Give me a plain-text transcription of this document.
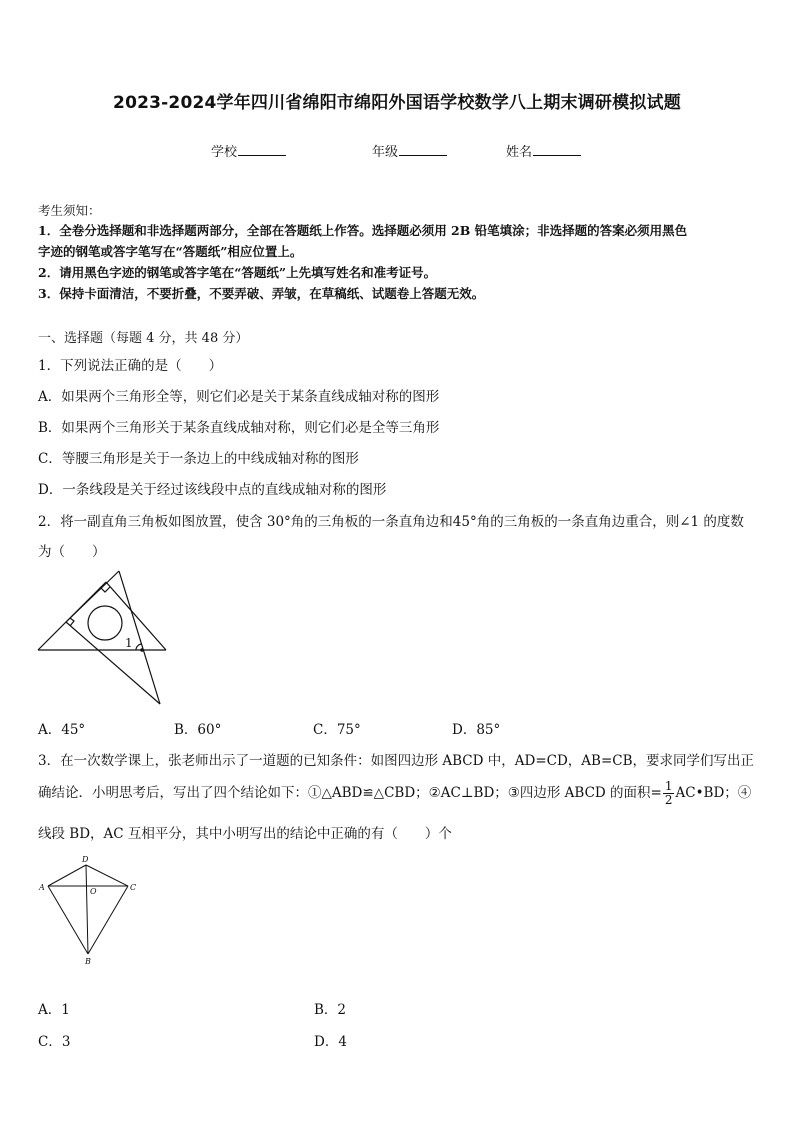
2023-2024学年四川省绵阳市绵阳外国语学校数学八上期末调研模拟试题
学校	年级	姓名
考生须知：
1．全卷分选择题和非选择题两部分，全部在答题纸上作答。选择题必须用 2B 铅笔填涂；非选择题的答案必须用黑色
字迹的钢笔或答字笔写在“答题纸”相应位置上。
2．请用黑色字迹的钢笔或答字笔在“答题纸”上先填写姓名和准考证号。
3．保持卡面清洁，不要折叠，不要弄破、弄皱，在草稿纸、试题卷上答题无效。
一、选择题（每题 4 分，共 48 分）
1．下列说法正确的是（　　）
A．如果两个三角形全等，则它们必是关于某条直线成轴对称的图形
B．如果两个三角形关于某条直线成轴对称，则它们必是全等三角形
C．等腰三角形是关于一条边上的中线成轴对称的图形
D．一条线段是关于经过该线段中点的直线成轴对称的图形
2．将一副直角三角板如图放置，使含 30°角的三角板的一条直角边和45°角的三角板的一条直角边重合，则∠1 的度数
为（　　）
1
A．45°	B．60°	C．75°	D．85°
3．在一次数学课上，张老师出示了一道题的已知条件：如图四边形 ABCD 中，AD=CD，AB=CB，要求同学们写出正
确结论．小明思考后，写出了四个结论如下：①△ABD≌△CBD；②AC⊥BD；③四边形 ABCD 的面积= $\frac{1}{2}$ AC•BD；④
线段 BD，AC 互相平分，其中小明写出的结论中正确的有（　　）个
D
A	O	C
B
A．1	B．2
C．3	D．4
